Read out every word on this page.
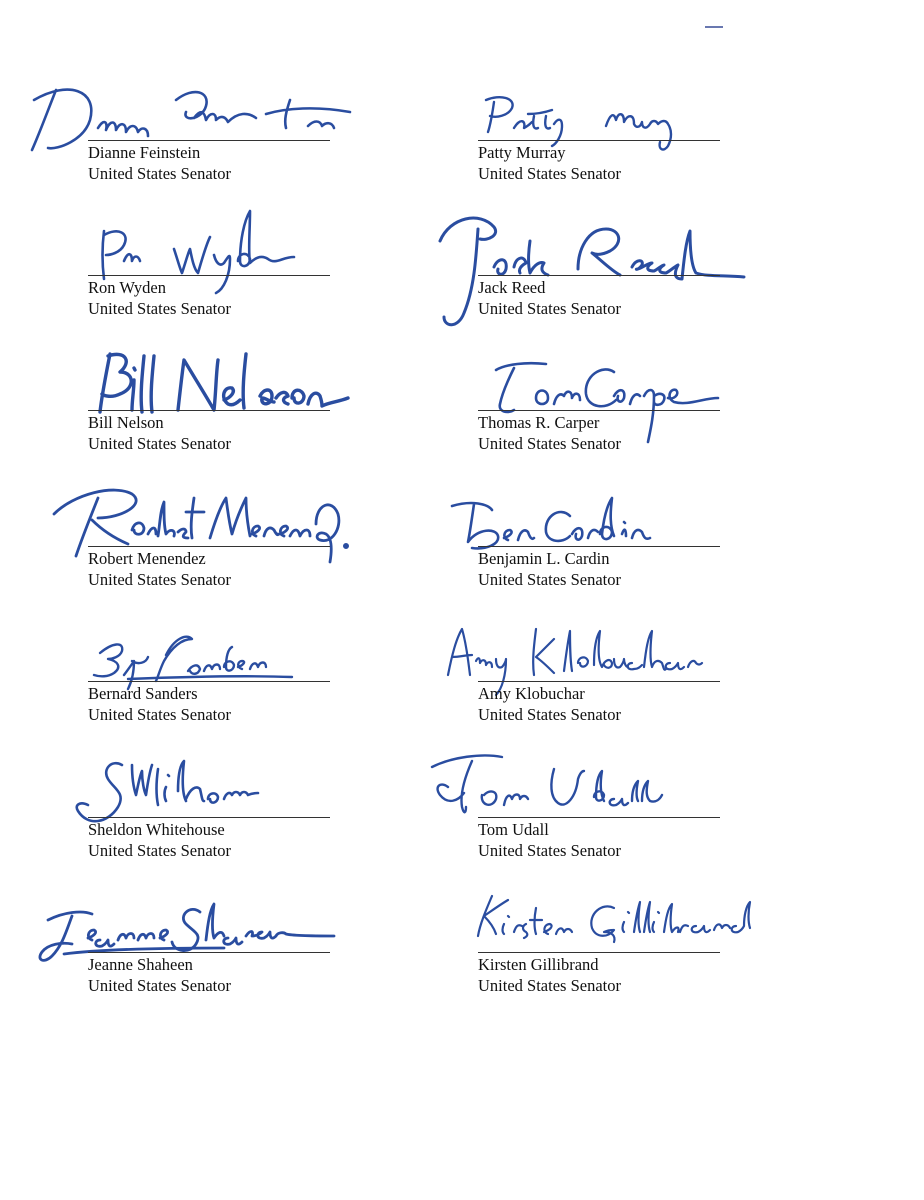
Dianne Feinstein
United States Senator
Patty Murray
United States Senator
Ron Wyden
United States Senator
Jack Reed
United States Senator
Bill Nelson
United States Senator
Thomas R. Carper
United States Senator
Robert Menendez
United States Senator
Benjamin L. Cardin
United States Senator
Bernard Sanders
United States Senator
Amy Klobuchar
United States Senator
Sheldon Whitehouse
United States Senator
Tom Udall
United States Senator
Jeanne Shaheen
United States Senator
Kirsten Gillibrand
United States Senator
